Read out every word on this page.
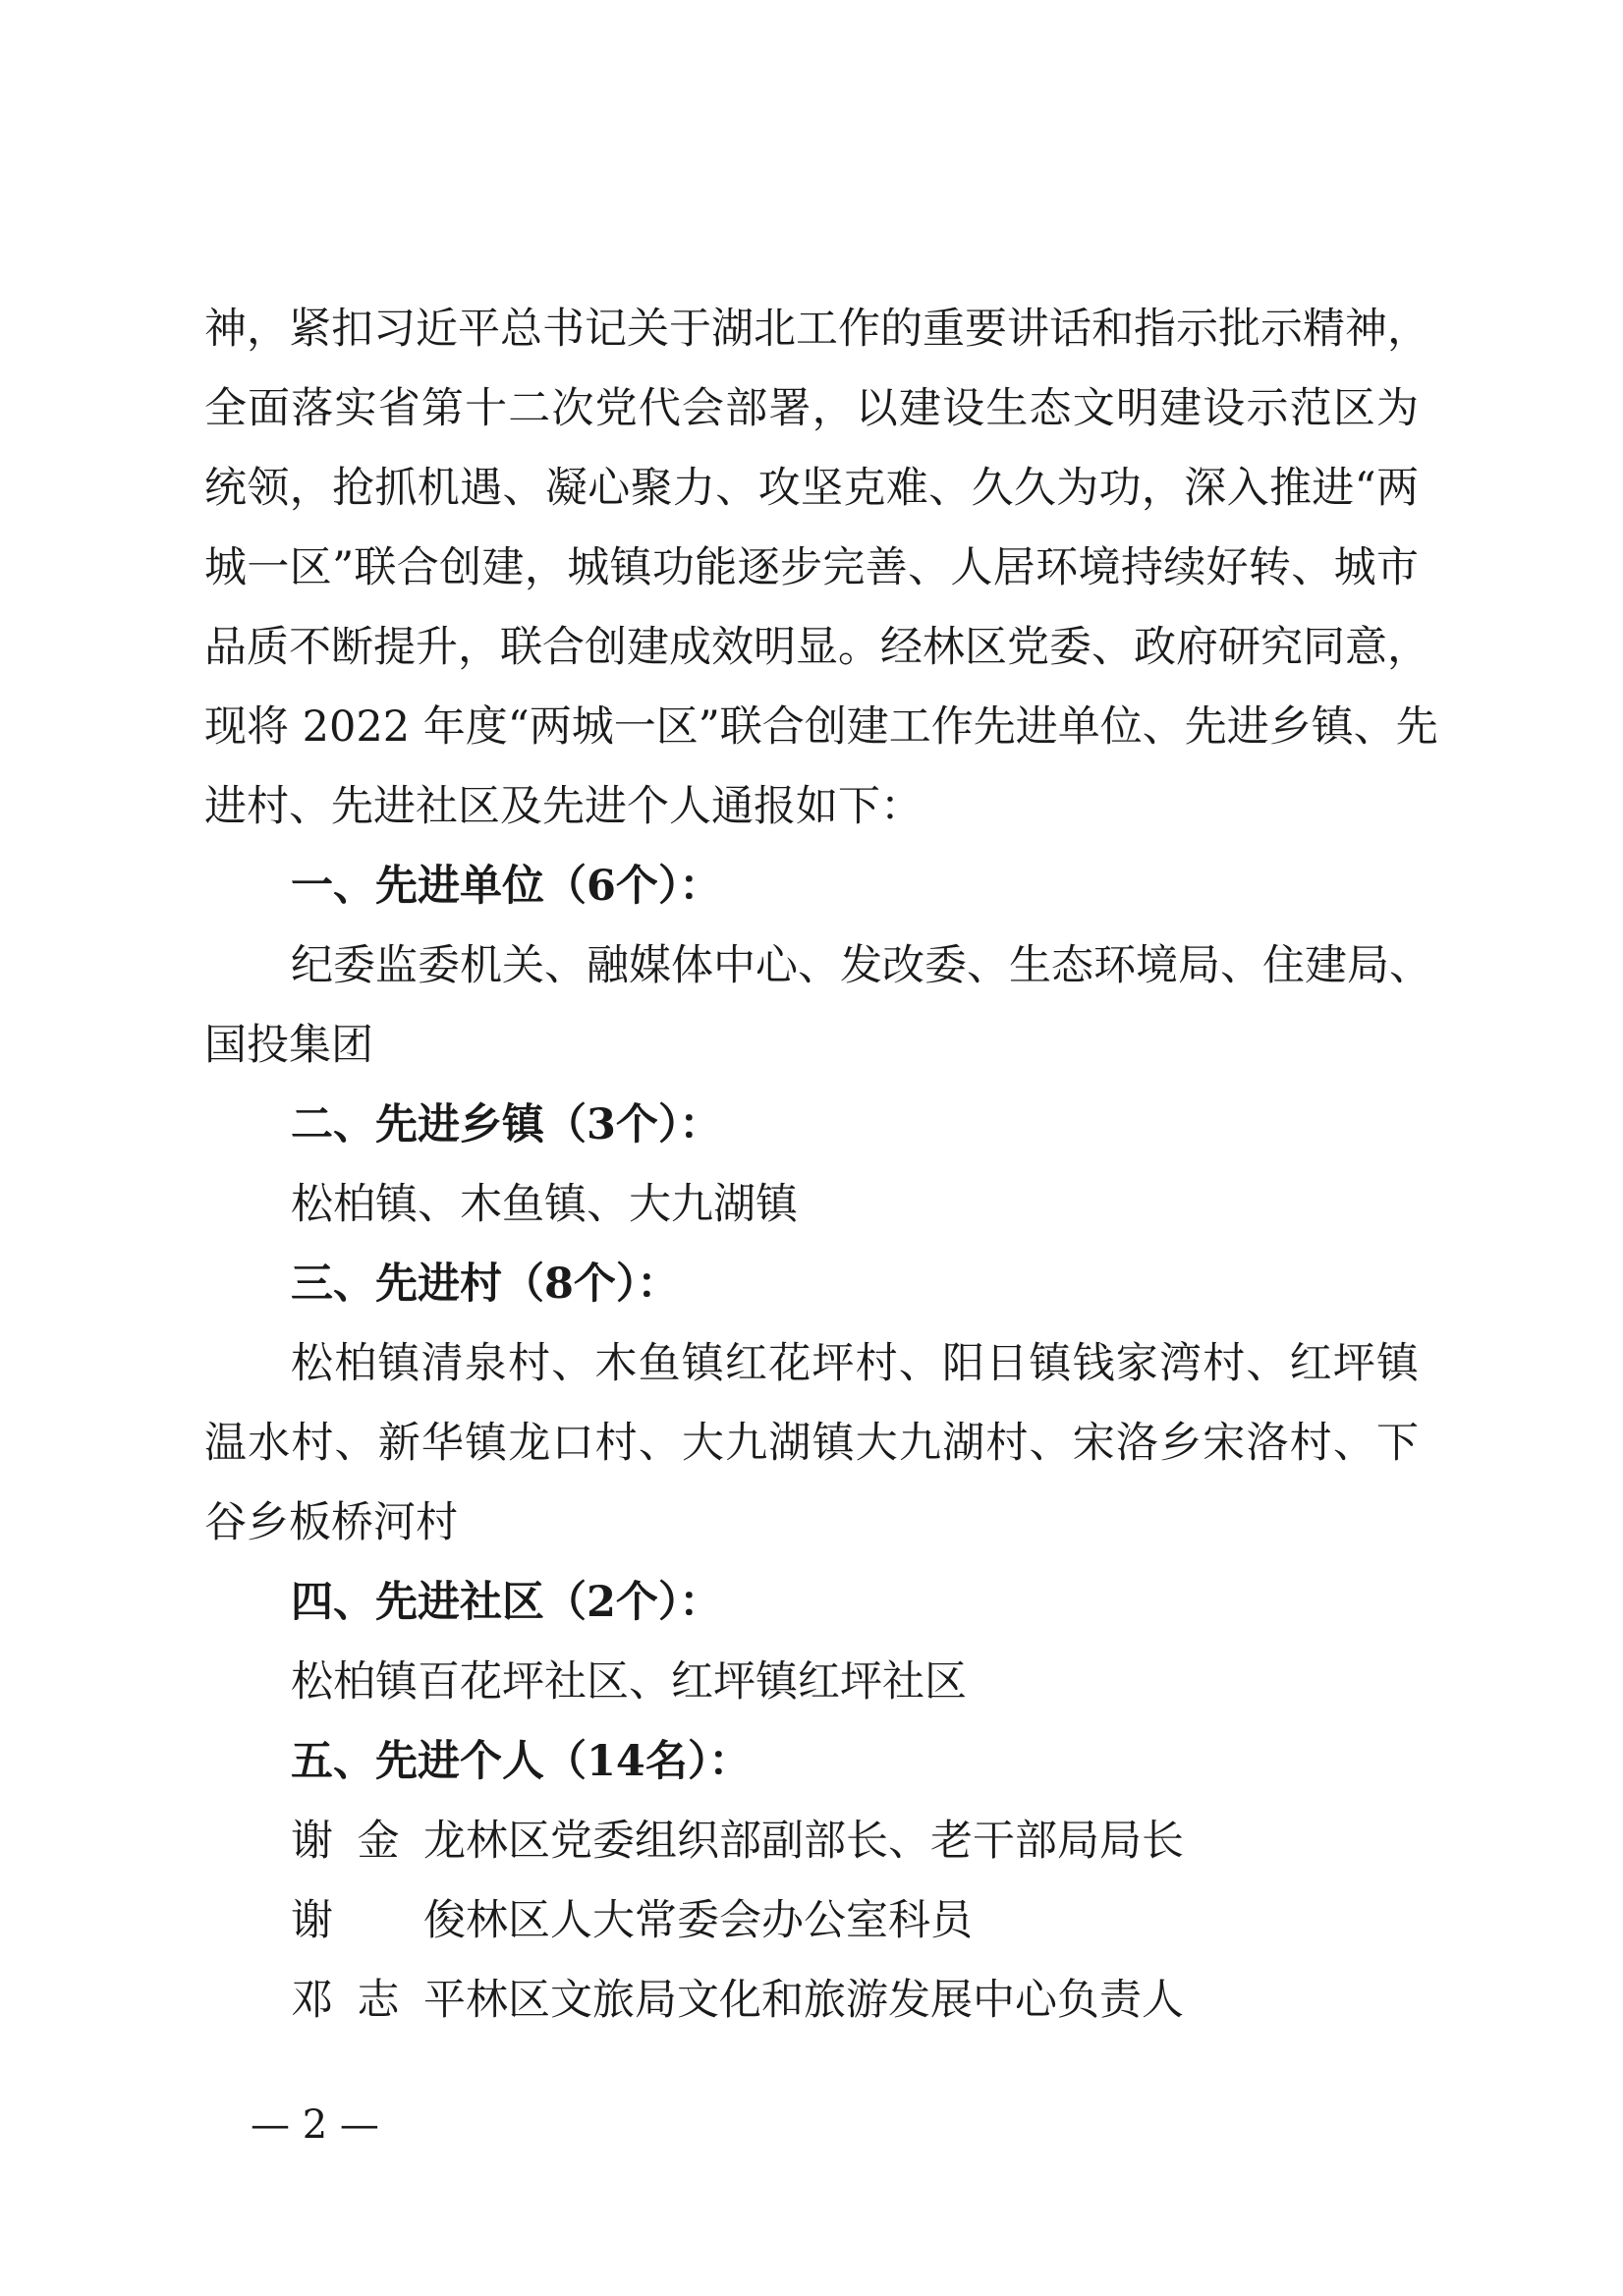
神，紧扣习近平总书记关于湖北工作的重要讲话和指示批示精神，
全面落实省第十二次党代会部署，以建设生态文明建设示范区为
统领，抢抓机遇、凝心聚力、攻坚克难、久久为功，深入推进“两
城一区”联合创建，城镇功能逐步完善、人居环境持续好转、城市
品质不断提升，联合创建成效明显。经林区党委、政府研究同意，
现将 2022 年度“两城一区”联合创建工作先进单位、先进乡镇、先
进村、先进社区及先进个人通报如下：
一、先进单位（6个）：
纪委监委机关、融媒体中心、发改委、生态环境局、住建局、
国投集团
二、先进乡镇（3个）：
松柏镇、木鱼镇、大九湖镇
三、先进村（8个）：
松柏镇清泉村、木鱼镇红花坪村、阳日镇钱家湾村、红坪镇
温水村、新华镇龙口村、大九湖镇大九湖村、宋洛乡宋洛村、下
谷乡板桥河村
四、先进社区（2个）：
松柏镇百花坪社区、红坪镇红坪社区
五、先进个人（14名）：
谢金龙林区党委组织部副部长、老干部局局长
谢　俊林区人大常委会办公室科员
邓志平林区文旅局文化和旅游发展中心负责人
— 2 —
